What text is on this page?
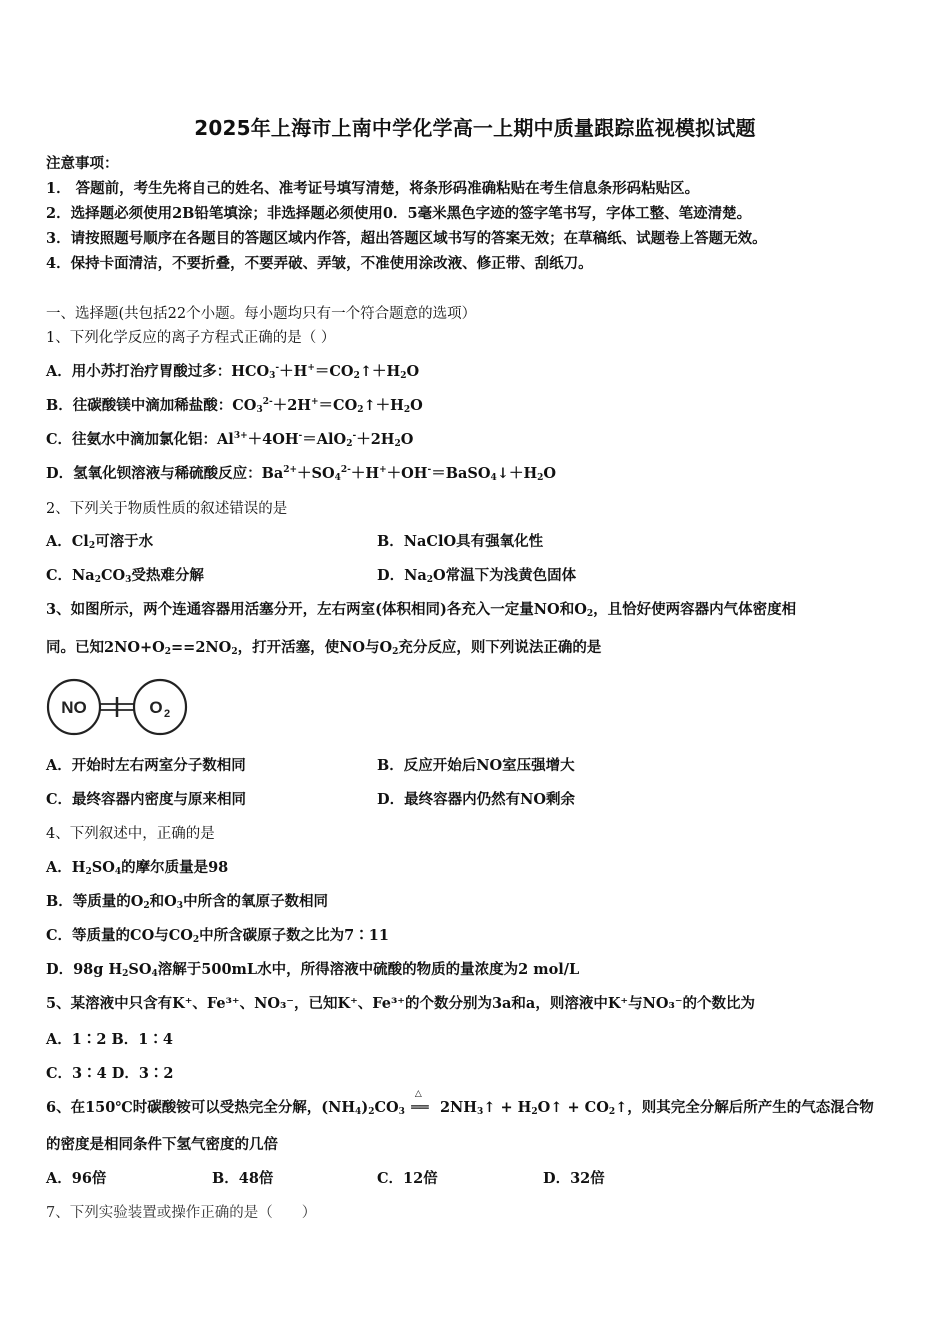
2025年上海市上南中学化学高一上期中质量跟踪监视模拟试题
注意事项：
1． 答题前，考生先将自己的姓名、准考证号填写清楚，将条形码准确粘贴在考生信息条形码粘贴区。
2．选择题必须使用2B铅笔填涂；非选择题必须使用0．5毫米黑色字迹的签字笔书写，字体工整、笔迹清楚。
3．请按照题号顺序在各题目的答题区域内作答，超出答题区域书写的答案无效；在草稿纸、试题卷上答题无效。
4．保持卡面清洁，不要折叠，不要弄破、弄皱，不准使用涂改液、修正带、刮纸刀。
一、选择题(共包括22个小题。每小题均只有一个符合题意的选项）
1、下列化学反应的离子方程式正确的是（ ）
A．用小苏打治疗胃酸过多：$HCO_3^-+H^+=CO_2↑+H_2O$
B．往碳酸镁中滴加稀盐酸：$CO_3^{2-}+2H^+=CO_2↑+H_2O$
C．往氨水中滴加氯化铝：$Al^{3+}+4OH^-=AlO_2^-+2H_2O$
D．氢氧化钡溶液与稀硫酸反应：$Ba^{2+}+SO_4^{2-}+H^++OH^-=BaSO_4↓+H_2O$
2、下列关于物质性质的叙述错误的是
A．$Cl_2$可溶于水	B．NaClO具有强氧化性
C．$Na_2CO_3$受热难分解	D．$Na_2O$常温下为浅黄色固体
3、如图所示，两个连通容器用活塞分开，左右两室(体积相同)各充入一定量NO和$O_2$，且恰好使两容器内气体密度相
同。已知$2NO+O_2==2NO_2$，打开活塞，使NO与$O_2$充分反应，则下列说法正确的是
NO	O 2
A．开始时左右两室分子数相同	B．反应开始后NO室压强增大
C．最终容器内密度与原来相同	D．最终容器内仍然有NO剩余
4、下列叙述中，正确的是
A．$H_2SO_4$的摩尔质量是98
B．等质量的$O_2$和$O_3$中所含的氧原子数相同
C．等质量的CO与$CO_2$中所含碳原子数之比为7∶11
D．98g $H_2SO_4$溶解于500mL水中，所得溶液中硫酸的物质的量浓度为2 mol/L
5、某溶液中只含有K⁺、Fe³⁺、NO₃⁻，已知K⁺、Fe³⁺的个数分别为3a和a，则溶液中K⁺与NO₃⁻的个数比为
A．1∶2 B．1∶4
C．3∶4 D．3∶2
6、在150℃时碳酸铵可以受热完全分解，$(NH_4)_2CO_3$
△
══ $2NH_3↑$ + $H_2O↑$ + $CO_2↑$，则其完全分解后所产生的气态混合物
的密度是相同条件下氢气密度的几倍
A．96倍	B．48倍	C．12倍	D．32倍
7、下列实验装置或操作正确的是（　　）
